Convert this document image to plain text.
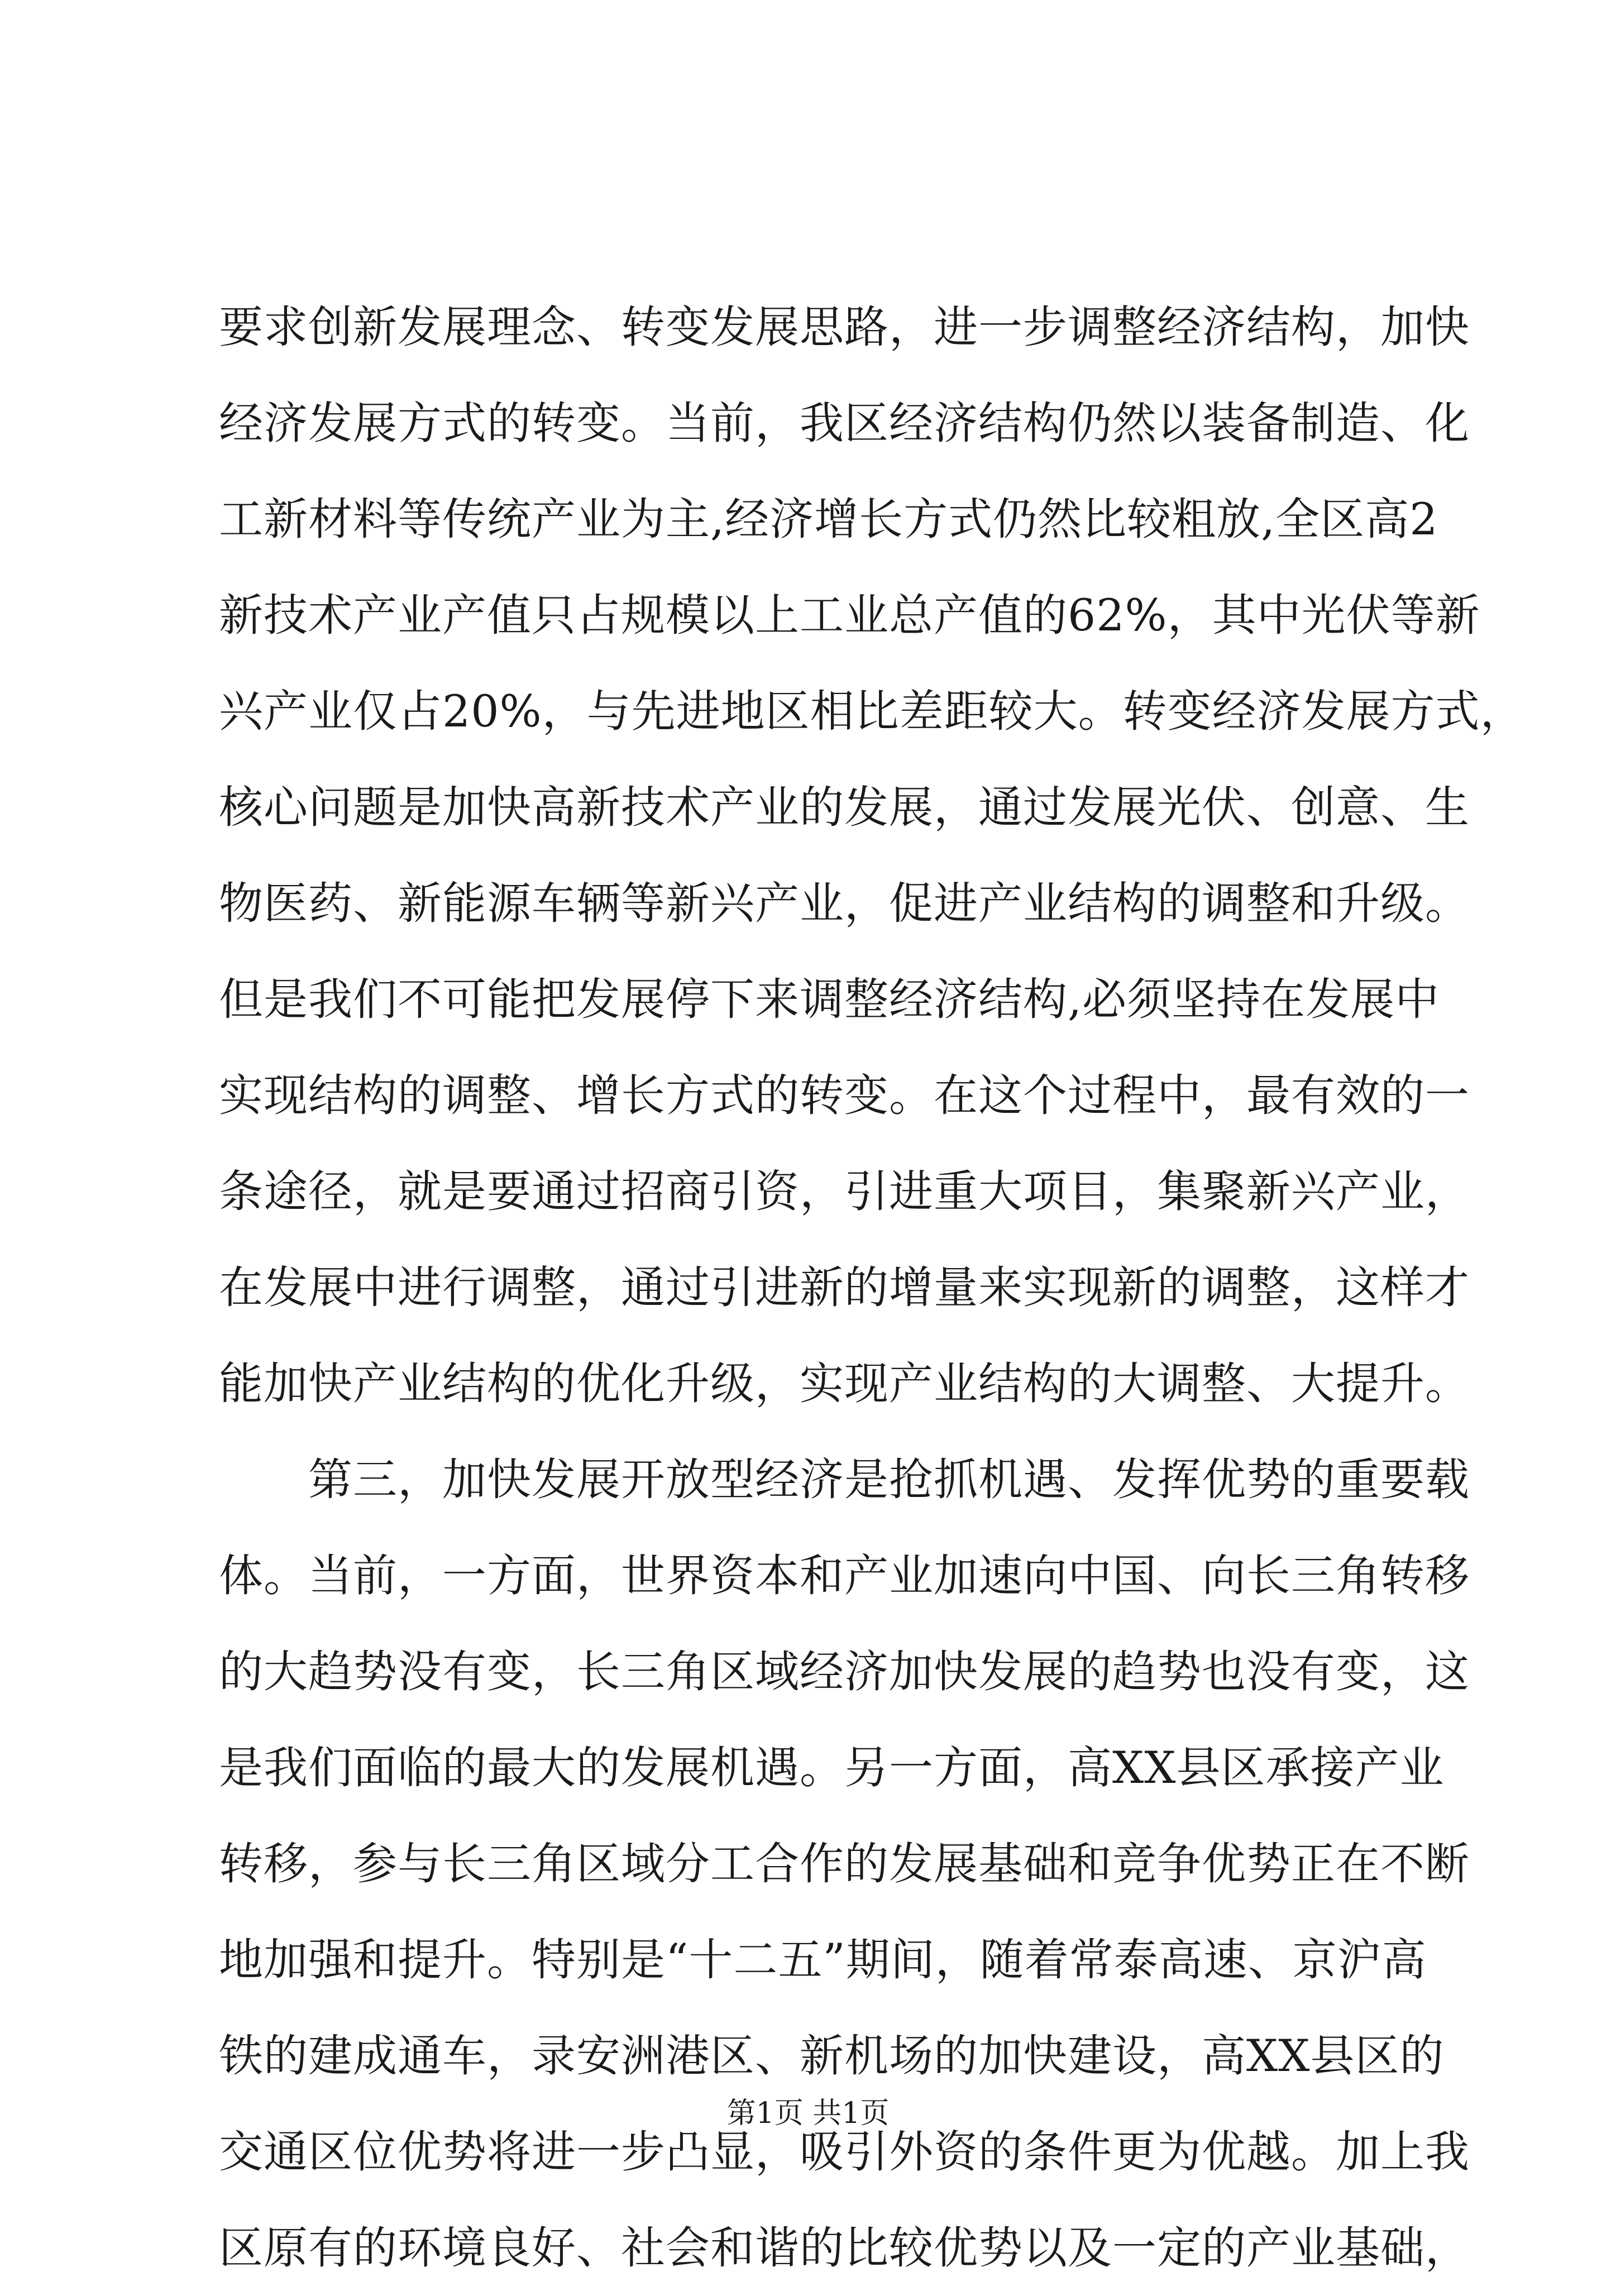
要求创新发展理念、转变发展思路，进一步调整经济结构，加快
经济发展方式的转变。当前，我区经济结构仍然以装备制造、化
工新材料等传统产业为主,经济增长方式仍然比较粗放,全区高2
新技术产业产值只占规模以上工业总产值的62%，其中光伏等新
兴产业仅占20%，与先进地区相比差距较大。转变经济发展方式，
核心问题是加快高新技术产业的发展，通过发展光伏、创意、生
物医药、新能源车辆等新兴产业，促进产业结构的调整和升级。
但是我们不可能把发展停下来调整经济结构,必须坚持在发展中
实现结构的调整、增长方式的转变。在这个过程中，最有效的一
条途径，就是要通过招商引资，引进重大项目，集聚新兴产业，
在发展中进行调整，通过引进新的增量来实现新的调整，这样才
能加快产业结构的优化升级，实现产业结构的大调整、大提升。
第三，加快发展开放型经济是抢抓机遇、发挥优势的重要载
体。当前，一方面，世界资本和产业加速向中国、向长三角转移
的大趋势没有变，长三角区域经济加快发展的趋势也没有变，这
是我们面临的最大的发展机遇。另一方面，高XX县区承接产业
转移，参与长三角区域分工合作的发展基础和竞争优势正在不断
地加强和提升。特别是“十二五”期间，随着常泰高速、京沪高
铁的建成通车，录安洲港区、新机场的加快建设，高XX县区的
交通区位优势将进一步凸显，吸引外资的条件更为优越。加上我
区原有的环境良好、社会和谐的比较优势以及一定的产业基础，
第1页 共1页
